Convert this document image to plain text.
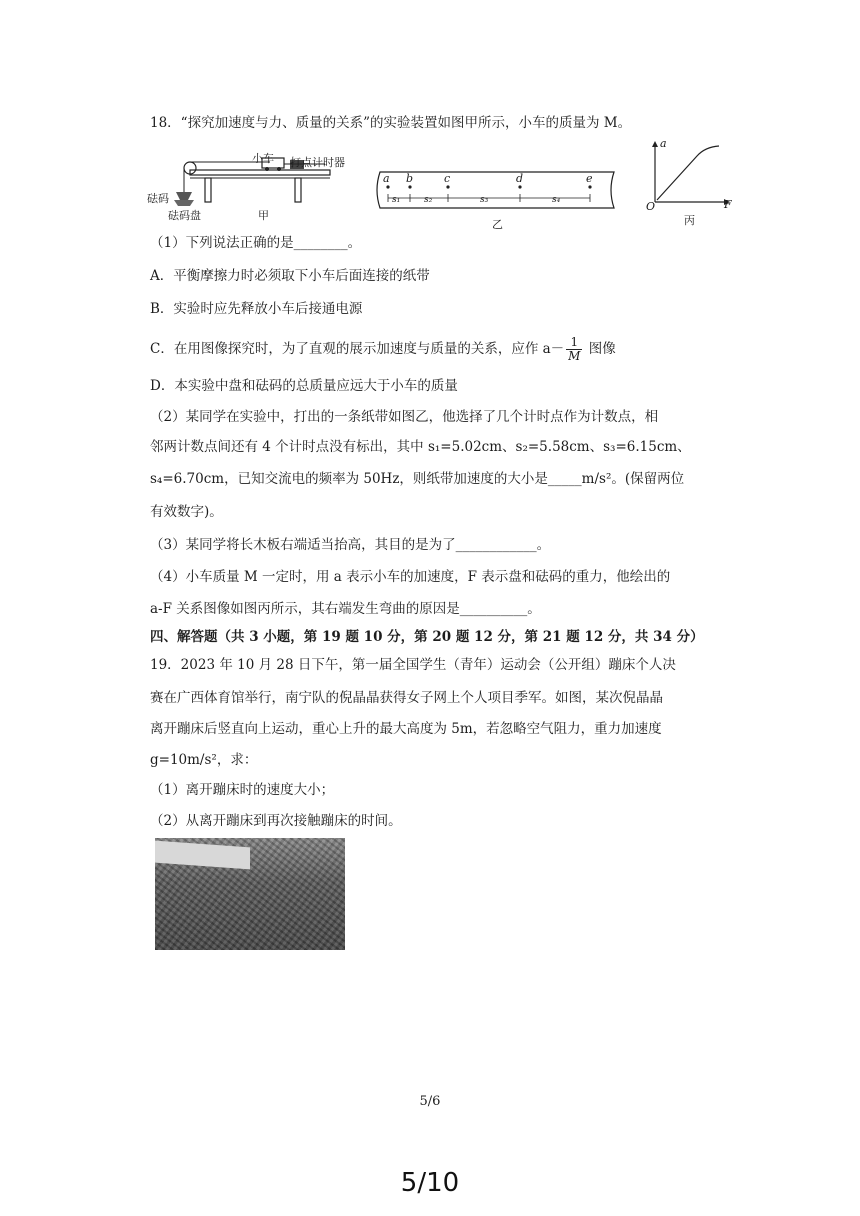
18．“探究加速度与力、质量的关系”的实验装置如图甲所示，小车的质量为 M。
小车 打点计时器
砝码
砝码盘	甲
a b	c	d	e
s₁	s₂	s₃	s₄
乙
a
F
O
丙
（1）下列说法正确的是________。
A．平衡摩擦力时必须取下小车后面连接的纸带
B．实验时应先释放小车后接通电源
C．在用图像探究时，为了直观的展示加速度与质量的关系，应作 $a- \frac{1}{M}$ 图像
D．本实验中盘和砝码的总质量应远大于小车的质量
（2）某同学在实验中，打出的一条纸带如图乙，他选择了几个计时点作为计数点，相
邻两计数点间还有 4 个计时点没有标出，其中 s₁=5.02cm、s₂=5.58cm、s₃=6.15cm、
s₄=6.70cm，已知交流电的频率为 50Hz，则纸带加速度的大小是_____m/s²。(保留两位
有效数字)。
（3）某同学将长木板右端适当抬高，其目的是为了____________。
（4）小车质量 M 一定时，用 a 表示小车的加速度，F 表示盘和砝码的重力，他绘出的
a-F 关系图像如图丙所示，其右端发生弯曲的原因是__________。
四、解答题（共 3 小题，第 19 题 10 分，第 20 题 12 分，第 21 题 12 分，共 34 分）
19．2023 年 10 月 28 日下午，第一届全国学生（青年）运动会（公开组）蹦床个人决
赛在广西体育馆举行，南宁队的倪晶晶获得女子网上个人项目季军。如图，某次倪晶晶
离开蹦床后竖直向上运动，重心上升的最大高度为 5m，若忽略空气阻力，重力加速度
g=10m/s²，求：
（1）离开蹦床时的速度大小；
（2）从离开蹦床到再次接触蹦床的时间。
5/6
5/10
